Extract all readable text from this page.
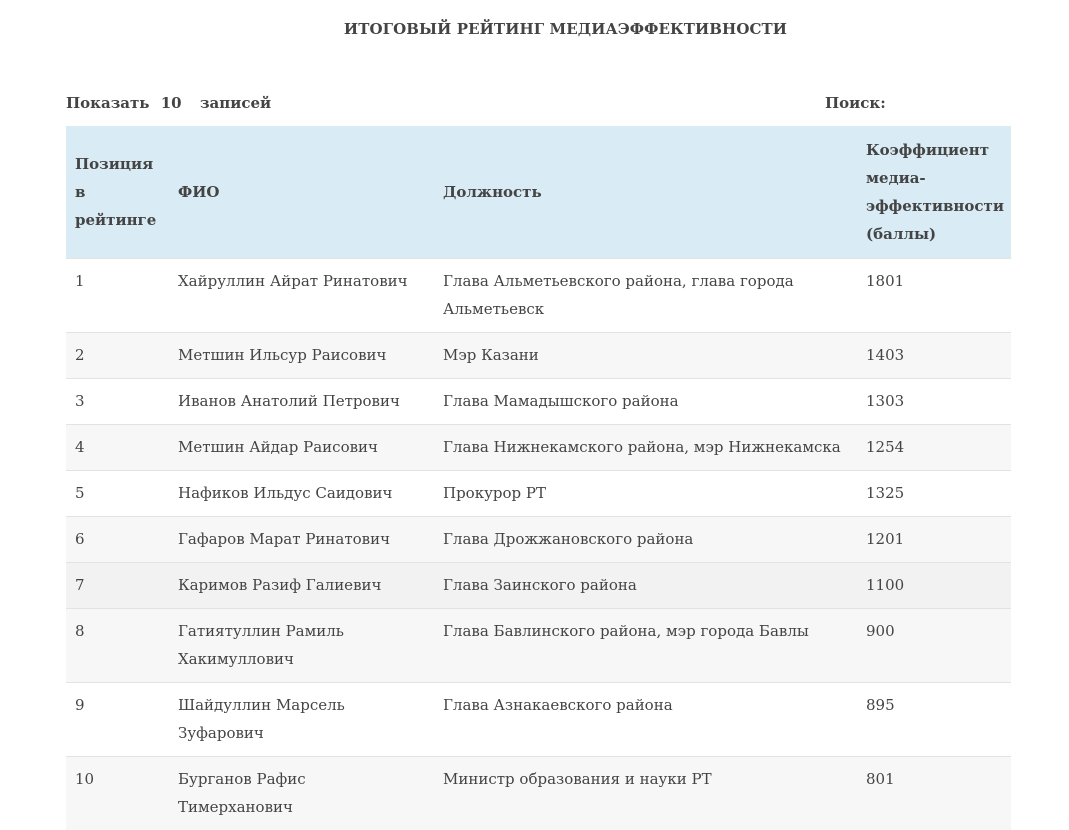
ИТОГОВЫЙ РЕЙТИНГ МЕДИАЭФФЕКТИВНОСТИ
Показать 10 записей	Поиск:
Позиция в рейтинге	ФИО	Должность	Коэффициент медиа-эффективности (баллы)
1	Хайруллин Айрат Ринатович	Глава Альметьевского района, глава города Альметьевск	1801
2	Метшин Ильсур Раисович	Мэр Казани	1403
3	Иванов Анатолий Петрович	Глава Мамадышского района	1303
4	Метшин Айдар Раисович	Глава Нижнекамского района, мэр Нижнекамска	1254
5	Нафиков Ильдус Саидович	Прокурор РТ	1325
6	Гафаров Марат Ринатович	Глава Дрожжановского района	1201
7	Каримов Разиф Галиевич	Глава Заинского района	1100
8	Гатиятуллин Рамиль Хакимуллович	Глава Бавлинского района, мэр города Бавлы	900
9	Шайдуллин Марсель Зуфарович	Глава Азнакаевского района	895
10	Бурганов Рафис Тимерханович	Министр образования и науки РТ	801
